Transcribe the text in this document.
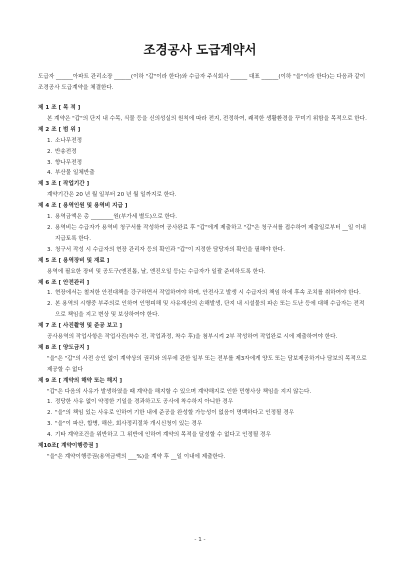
조경공사 도급계약서
도급자 ______아파트 관리소장 ______(이하 "갑"이라 한다)와 수급자 주식회사 ______ 대표 ______(이하 "을"이라 한다)는 다음과 같이 조경공사 도급계약을 체결한다.
제 1 조 [ 목 적 ]
본 계약은 "갑"의 단지 내 수목, 식물 등을 신의성실의 원칙에 따라 전지, 전정하여, 쾌적한 생활환경을 꾸미기 위함을 목적으로 한다.
제 2 조 [ 범 위 ]
1. 소나무전정
2. 반송전정
3. 향나무전정
4. 부산물 일체반출
제 3 조 [ 작업기간 ]
계약기간은 20 년 월 일부터 20 년 월 일까지로 한다.
제 4 조 [ 용역인원 및 용역비 지급 ]
1. 용역금액은 총 ________원(부가세 별도)으로 한다.
2. 용역비는 수급자가 용역비 청구서를 작성하여 공사완료 후 "갑"에게 제출하고 "갑"은 청구서를 접수하여 제출일로부터 __일 이내 지급토록 한다.
3. 청구서 작성 시 수급자의 현장 관리자 등의 확인과 "갑"이 지정한 담당자의 확인을 필해야 한다.
제 5 조 [ 용역장비 및 재료 ]
용역에 필요한 장비 및 공도구(엔진톱, 날, 엔진오일 등)는 수급자가 일괄 준비하도록 한다.
제 6 조 [ 안전관리 ]
1. 현장에서는 철저한 안전대책을 강구하면서 작업하여야 하며, 안전사고 발생 시 수급자의 책임 하에 후속 조치를 취하여야 한다.
2. 본 용역의 시행중 부주의로 인하여 인명피해 및 사유재산의 손해발생, 단지 내 시설물의 파손 또는 도난 등에 대해 수급자는 전적으로 책임을 지고 변상 및 보상하여야 한다.
제 7 조 [ 사진촬영 및 준공 보고 ]
공사용역의 작업사항은 작업사진(착수 전, 작업과정, 착수 후)을 첨부시켜 2부 작성하여 작업완료 시에 제출하여야 한다.
제 8 조 [ 양도금지 ]
"을"은 "갑"의 사전 승인 없이 계약상의 권리와 의무에 관한 일부 또는 전부를 제3자에게 양도 또는 담보제공하거나 담보의 목적으로 제공할 수 없다
제 9 조 [ 계약의 해약 또는 해지 ]
"갑"은 다음의 사유가 발생하였을 때 계약을 해지할 수 있으며 계약해지로 인한 민형사상 책임을 지지 않는다.
1. 정당한 사유 없이 약정한 기일을 경과하고도 공사에 착수하지 아니한 경우
2. "을"의 책임 있는 사유로 인하여 기한 내에 준공을 완성할 가능성이 없음이 명백하다고 인정될 경우
3. "을"이 파산, 합병, 해산, 회사정리절차 개시신청이 있는 경우
4. 기타 계약조건을 위반하고 그 위반에 인하여 계약의 목적을 달성할 수 없다고 인정될 경우
제10조[ 계약이행증권 ]
"을"은 계약이행증권(용역금액의 ___%)을 계약 후 __일 이내에 제출한다.
- 1 -
